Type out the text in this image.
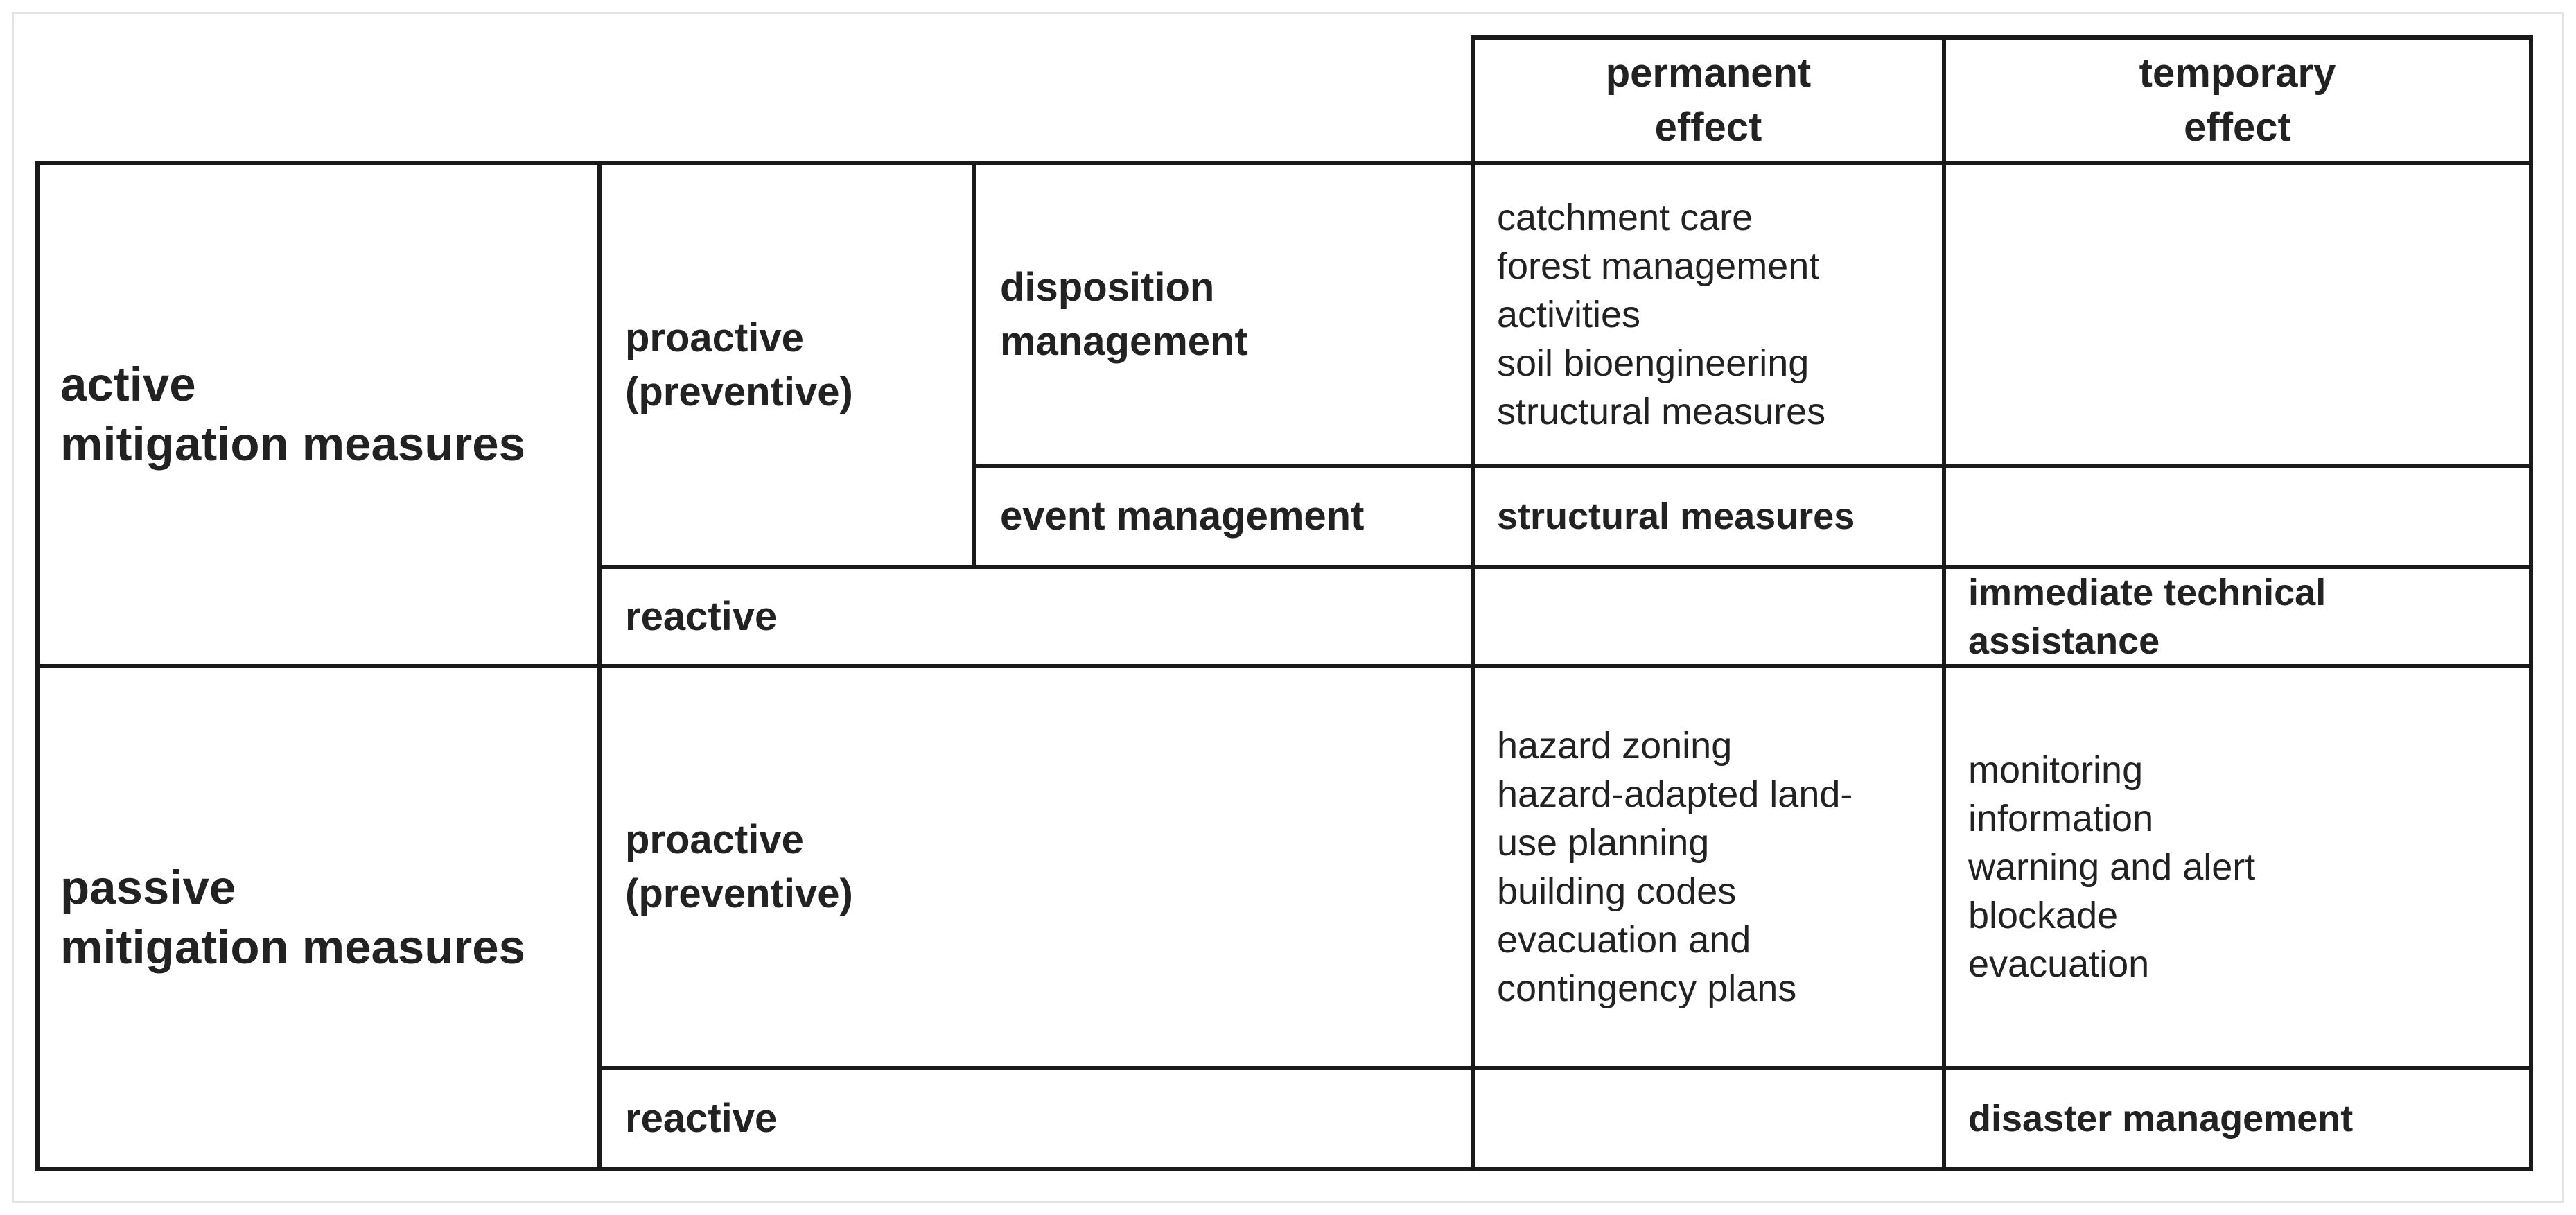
permanent
effect
temporary
effect
active
mitigation measures
proactive
(preventive)
disposition
management
catchment care
forest management
activities
soil bioengineering
structural measures
event management	structural measures
reactive
immediate technical
assistance
passive
mitigation measures
proactive
(preventive)
hazard zoning
hazard-adapted land-
use planning
building codes
evacuation and
contingency plans
monitoring
information
warning and alert
blockade
evacuation
reactive	disaster management
